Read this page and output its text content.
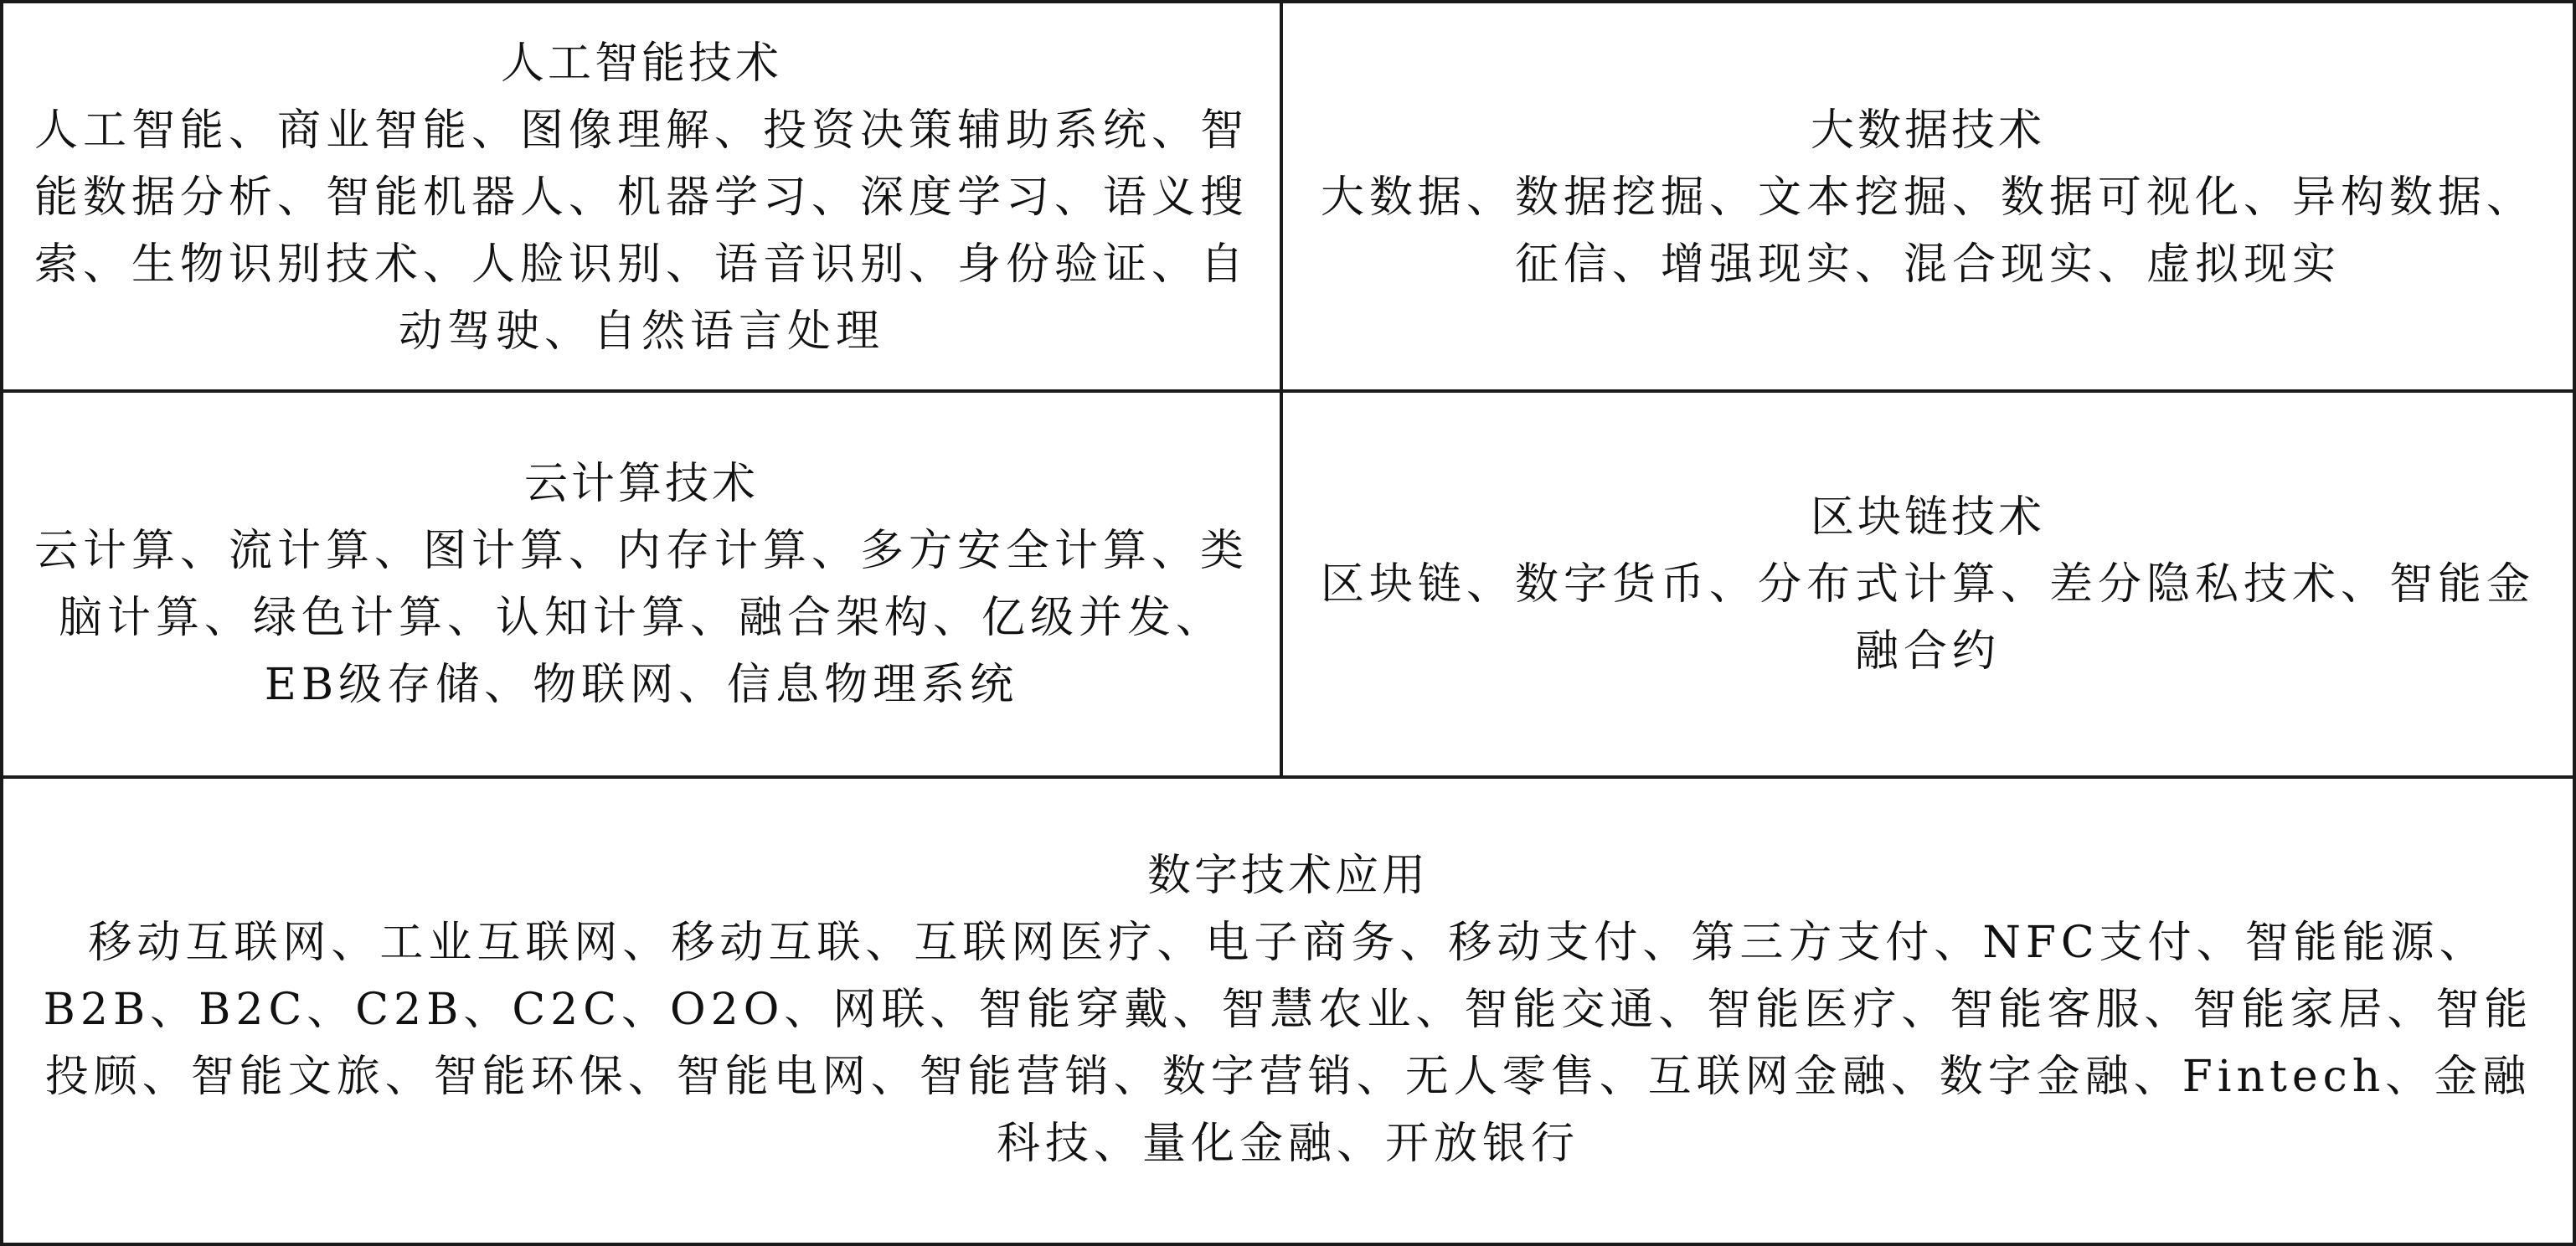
人工智能技术
人工智能、商业智能、图像理解、投资决策辅助系统、智能数据分析、智能机器人、机器学习、深度学习、语义搜索、生物识别技术、人脸识别、语音识别、身份验证、自动驾驶、自然语言处理
大数据技术
大数据、数据挖掘、文本挖掘、数据可视化、异构数据、征信、增强现实、混合现实、虚拟现实
云计算技术
云计算、流计算、图计算、内存计算、多方安全计算、类脑计算、绿色计算、认知计算、融合架构、亿级并发、EB级存储、物联网、信息物理系统
区块链技术
区块链、数字货币、分布式计算、差分隐私技术、智能金融合约
数字技术应用
移动互联网、工业互联网、移动互联、互联网医疗、电子商务、移动支付、第三方支付、NFC支付、智能能源、B2B、B2C、C2B、C2C、O2O、网联、智能穿戴、智慧农业、智能交通、智能医疗、智能客服、智能家居、智能投顾、智能文旅、智能环保、智能电网、智能营销、数字营销、无人零售、互联网金融、数字金融、Fintech、金融科技、量化金融、开放银行
